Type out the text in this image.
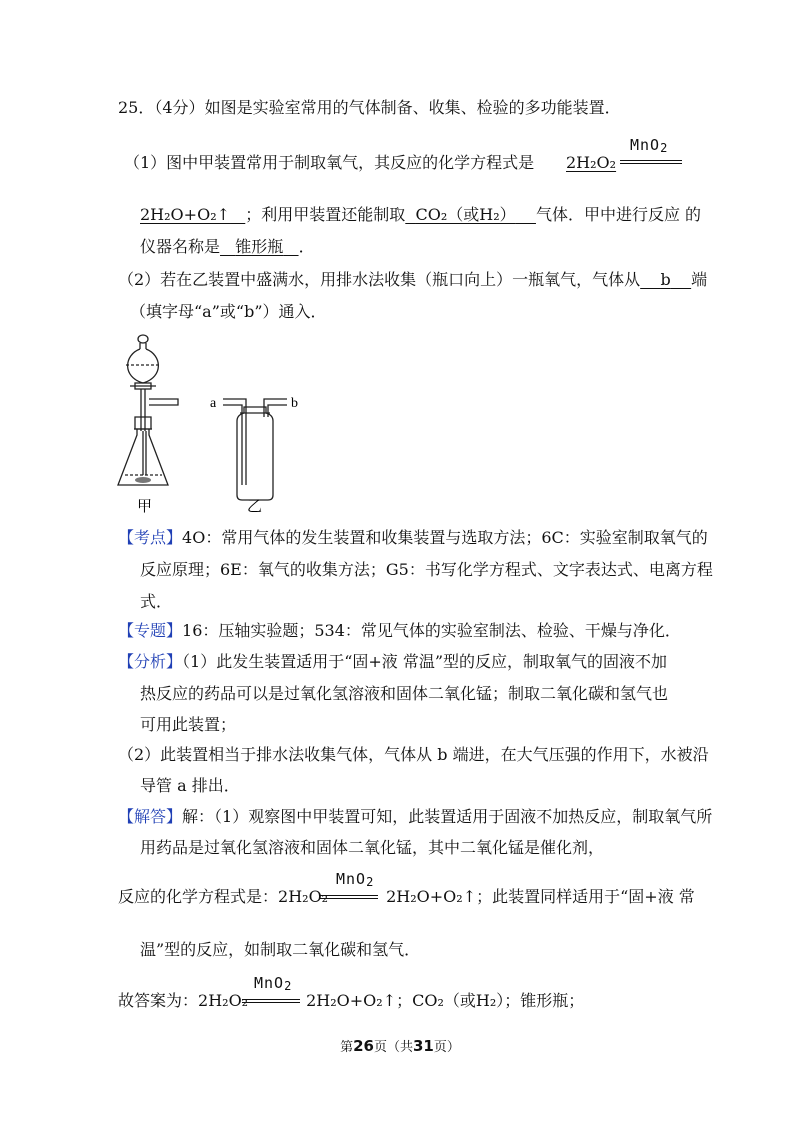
25．（4分）如图是实验室常用的气体制备、收集、检验的多功能装置．
（1）图中甲装置常用于制取氧气，其反应的化学方程式是 2H₂O₂
MnO2
2H₂O+O₂↑ ；利用甲装置还能制取 CO₂（或H₂） 气体．甲中进行反应 的
仪器名称是 锥形瓶 ．
（2）若在乙装置中盛满水，用排水法收集（瓶口向上）一瓶氧气，气体从 b 端
（填字母“a”或“b”）通入．
a	b
甲	乙
【考点】4O：常用气体的发生装置和收集装置与选取方法；6C：实验室制取氧气的
反应原理；6E：氧气的收集方法；G5：书写化学方程式、文字表达式、电离方程
式．
【专题】16：压轴实验题；534：常见气体的实验室制法、检验、干燥与净化．
【分析】（1）此发生装置适用于“固+液 常温”型的反应，制取氧气的固液不加
热反应的药品可以是过氧化氢溶液和固体二氧化锰；制取二氧化碳和氢气也
可用此装置；
（2）此装置相当于排水法收集气体，气体从 b 端进，在大气压强的作用下，水被沿
导管 a 排出．
【解答】解：（1）观察图中甲装置可知，此装置适用于固液不加热反应，制取氧气所
用药品是过氧化氢溶液和固体二氧化锰，其中二氧化锰是催化剂，
反应的化学方程式是：2H₂O₂	2H₂O+O₂↑；此装置同样适用于“固+液 常
MnO2
温”型的反应，如制取二氧化碳和氢气．
故答案为：2H₂O₂	2H₂O+O₂↑；CO₂（或H₂）；锥形瓶；
MnO2
第26页（共31页）
